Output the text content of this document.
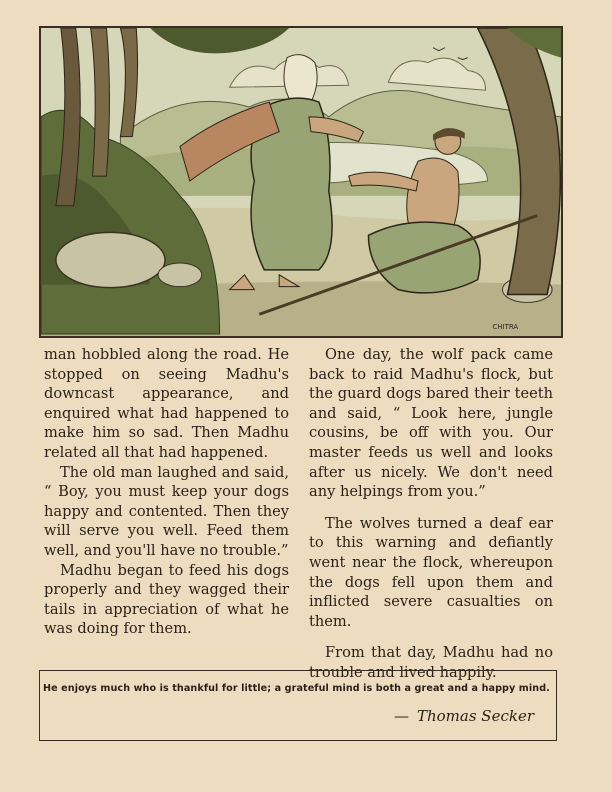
CHITRA

man hobbled along the road. He stopped on seeing Madhu's downcast appearance, and enquired what had happened to make him so sad. Then Madhu related all that had happened.

The old man laughed and said, “ Boy, you must keep your dogs happy and contented. Then they will serve you well. Feed them well, and you'll have no trouble.”

Madhu began to feed his dogs properly and they wagged their tails in appreciation of what he was doing for them.

One day, the wolf pack came back to raid Madhu's flock, but the guard dogs bared their teeth and said, “ Look here, jungle cousins, be off with you. Our master feeds us well and looks after us nicely. We don't need any helpings from you.”

The wolves turned a deaf ear to this warning and defiantly went near the flock, whereupon the dogs fell upon them and inflicted severe casualties on them.

From that day, Madhu had no trouble and lived happily.

He enjoys much who is thankful for little; a grateful mind is both a great and a happy mind.
— Thomas Secker
